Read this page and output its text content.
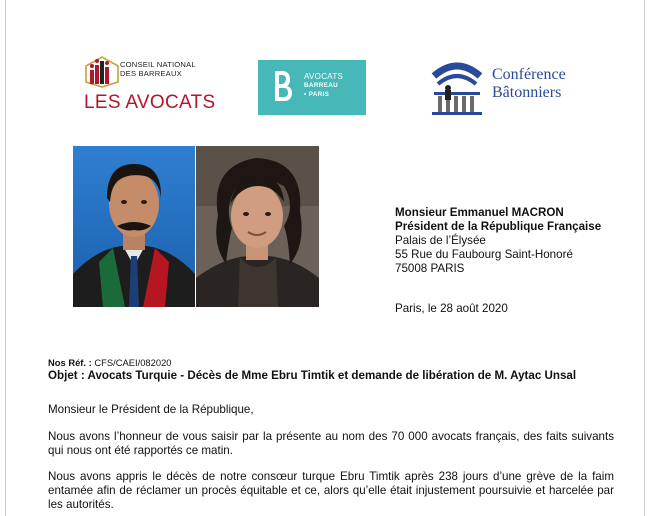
CONSEIL NATIONAL
DES BARREAUX
LES AVOCATS
AVOCATS
BARREAU
• PARIS
Conférence
Bâtonniers
Monsieur Emmanuel MACRON
Président de la République Française
Palais de l’Élysée
55 Rue du Faubourg Saint-Honoré
75008 PARIS
Paris, le 28 août 2020
Nos Réf. : CFS/CAEI/082020
Objet : Avocats Turquie - Décès de Mme Ebru Timtik et demande de libération de M. Aytac Unsal
Monsieur le Président de la République,
Nous avons l’honneur de vous saisir par la présente au nom des 70 000 avocats français, des faits suivants qui nous ont été rapportés ce matin.
Nous avons appris le décès de notre consœur turque Ebru Timtik après 238 jours d’une grève de la faim entamée afin de réclamer un procès équitable et ce, alors qu’elle était injustement poursuivie et harcelée par les autorités.
